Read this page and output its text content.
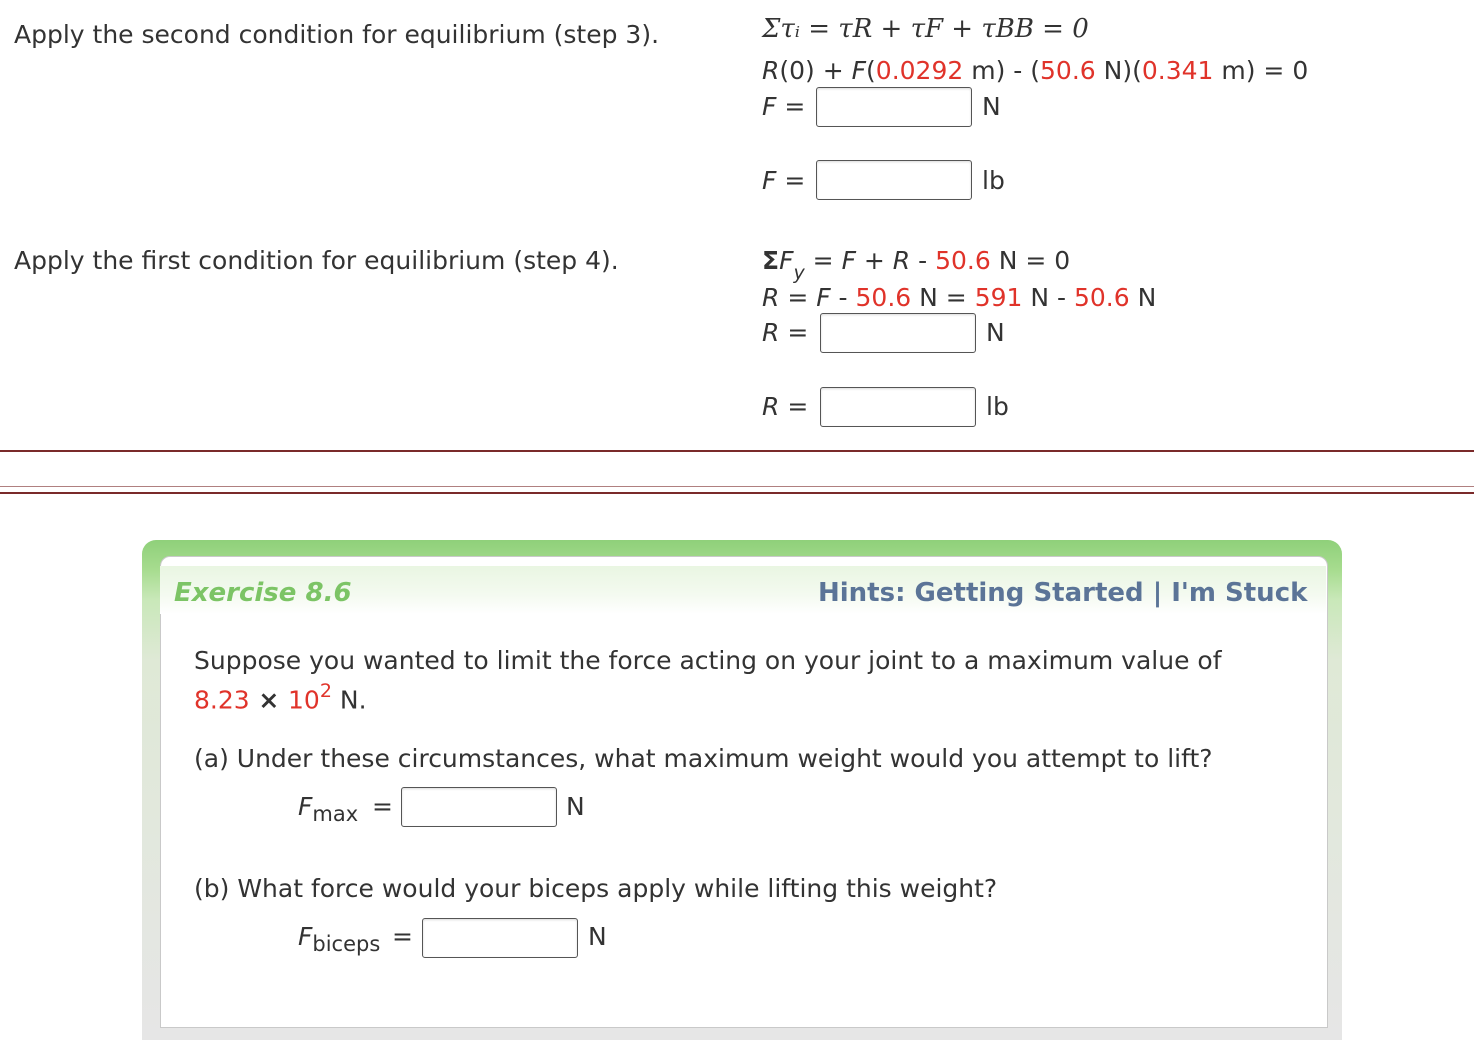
Apply the second condition for equilibrium (step 3).	Στᵢ = τR + τF + τBB = 0
R(0) + F(0.0292 m) - (50.6 N)(0.341 m) = 0
F =	N
F =	lb
Apply the first condition for equilibrium (step 4).	$\Sigma F_y = F + R - 50.6$ N = 0
R = F - 50.6 N = 591 N - 50.6 N
R =	N
R =	lb
Exercise 8.6	Hints: Getting Started | I'm Stuck
Suppose you wanted to limit the force acting on your joint to a maximum value of
$8.23 \times 10^2$ N.
(a) Under these circumstances, what maximum weight would you attempt to lift?
$F_{max}$ =	N
(b) What force would your biceps apply while lifting this weight?
$F_{biceps}$ =	N
